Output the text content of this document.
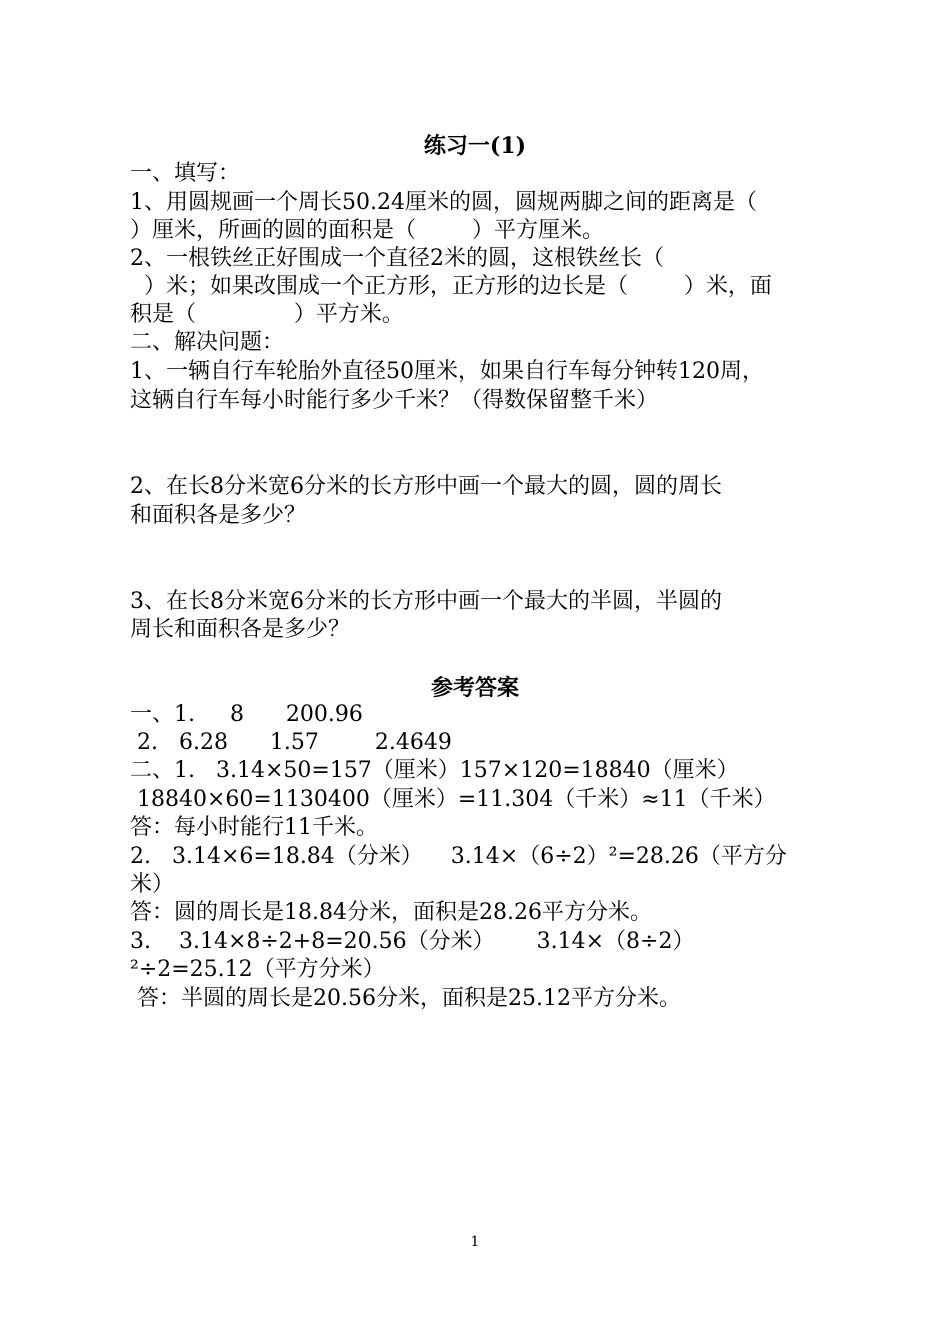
练习一(1)
一、填写：
1、用圆规画一个周长50.24厘米的圆，圆规两脚之间的距离是（
）厘米，所画的圆的面积是（        ）平方厘米。
2、一根铁丝正好围成一个直径2米的圆，这根铁丝长（
）米；如果改围成一个正方形，正方形的边长是（        ）米，面
积是（              ）平方米。
二、解决问题：
1、一辆自行车轮胎外直径50厘米，如果自行车每分钟转120周，
这辆自行车每小时能行多少千米？（得数保留整千米）
2、在长8分米宽6分米的长方形中画一个最大的圆，圆的周长
和面积各是多少？
3、在长8分米宽6分米的长方形中画一个最大的半圆，半圆的
周长和面积各是多少？
参考答案
一、1.     8      200.96
2.   6.28      1.57        2.4649
二、1.   3.14×50=157（厘米）157×120=18840（厘米）
18840×60=1130400（厘米）=11.304（千米）≈11（千米）
答：每小时能行11千米。
2.   3.14×6=18.84（分米）    3.14×（6÷2）²=28.26（平方分
米）
答：圆的周长是18.84分米，面积是28.26平方分米。
3.    3.14×8÷2+8=20.56（分米）      3.14×（8÷2）
²÷2=25.12（平方分米）
答：半圆的周长是20.56分米，面积是25.12平方分米。
1
